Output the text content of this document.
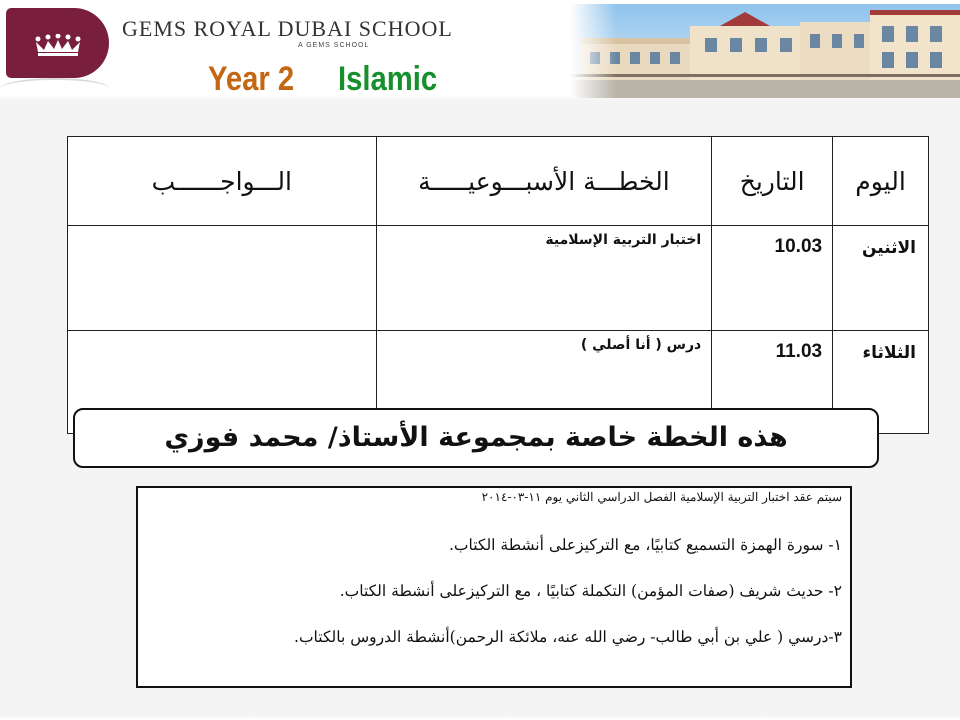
GEMS ROYAL DUBAI SCHOOL
A GEMS SCHOOL
Year 2 Islamic
اليوم	التاريخ	الخطـــة الأسبـــوعيـــــة	الـــواجــــــب
الاثنين	10.03	اختبار التربية الإسلامية	
الثلاثاء	11.03	درس ( أنا أصلي )	
هذه الخطة خاصة بمجموعة الأستاذ/ محمد فوزي
سيتم عقد اختبار التربية الإسلامية الفصل الدراسي الثاني يوم ١١-٠٣-٢٠١٤
١- سورة الهمزة التسميع كتابيًا، مع التركيزعلى أنشطة الكتاب.
٢- حديث شريف (صفات المؤمن) التكملة كتابيًا ، مع التركيزعلى أنشطة الكتاب.
٣-درسي ( علي بن أبي طالب- رضي الله عنه، ملائكة الرحمن)أنشطة الدروس بالكتاب.
